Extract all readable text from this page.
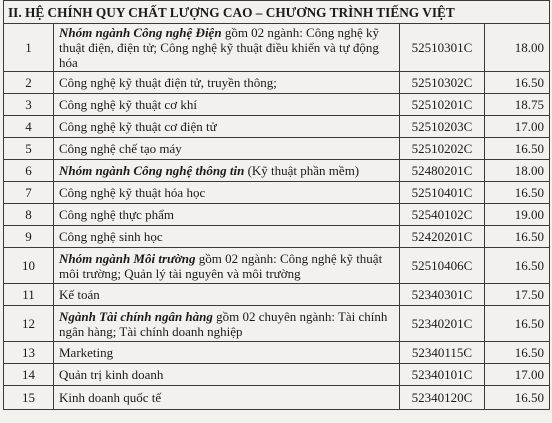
II. HỆ CHÍNH QUY CHẤT LƯỢNG CAO – CHƯƠNG TRÌNH TIẾNG VIỆT			
1	Nhóm ngành Công nghệ Điện gồm 02 ngành: Công nghệ kỹ thuật điện, điện tử; Công nghệ kỹ thuật điều khiển và tự động hóa	52510301C	18.00
2	Công nghệ kỹ thuật điện tử, truyền thông;	52510302C	16.50
3	Công nghệ kỹ thuật cơ khí	52510201C	18.75
4	Công nghệ kỹ thuật cơ điện tử	52510203C	17.00
5	Công nghệ chế tạo máy	52510202C	16.50
6	Nhóm ngành Công nghệ thông tin (Kỹ thuật phần mềm)	52480201C	18.00
7	Công nghệ kỹ thuật hóa học	52510401C	16.50
8	Công nghệ thực phẩm	52540102C	19.00
9	Công nghệ sinh học	52420201C	16.50
10	Nhóm ngành Môi trường gồm 02 ngành: Công nghệ kỹ thuật môi trường; Quản lý tài nguyên và môi trường	52510406C	16.50
11	Kế toán	52340301C	17.50
12	Ngành Tài chính ngân hàng gồm 02 chuyên ngành: Tài chính ngân hàng; Tài chính doanh nghiệp	52340201C	16.50
13	Marketing	52340115C	16.50
14	Quản trị kinh doanh	52340101C	17.00
15	Kinh doanh quốc tế	52340120C	16.50
